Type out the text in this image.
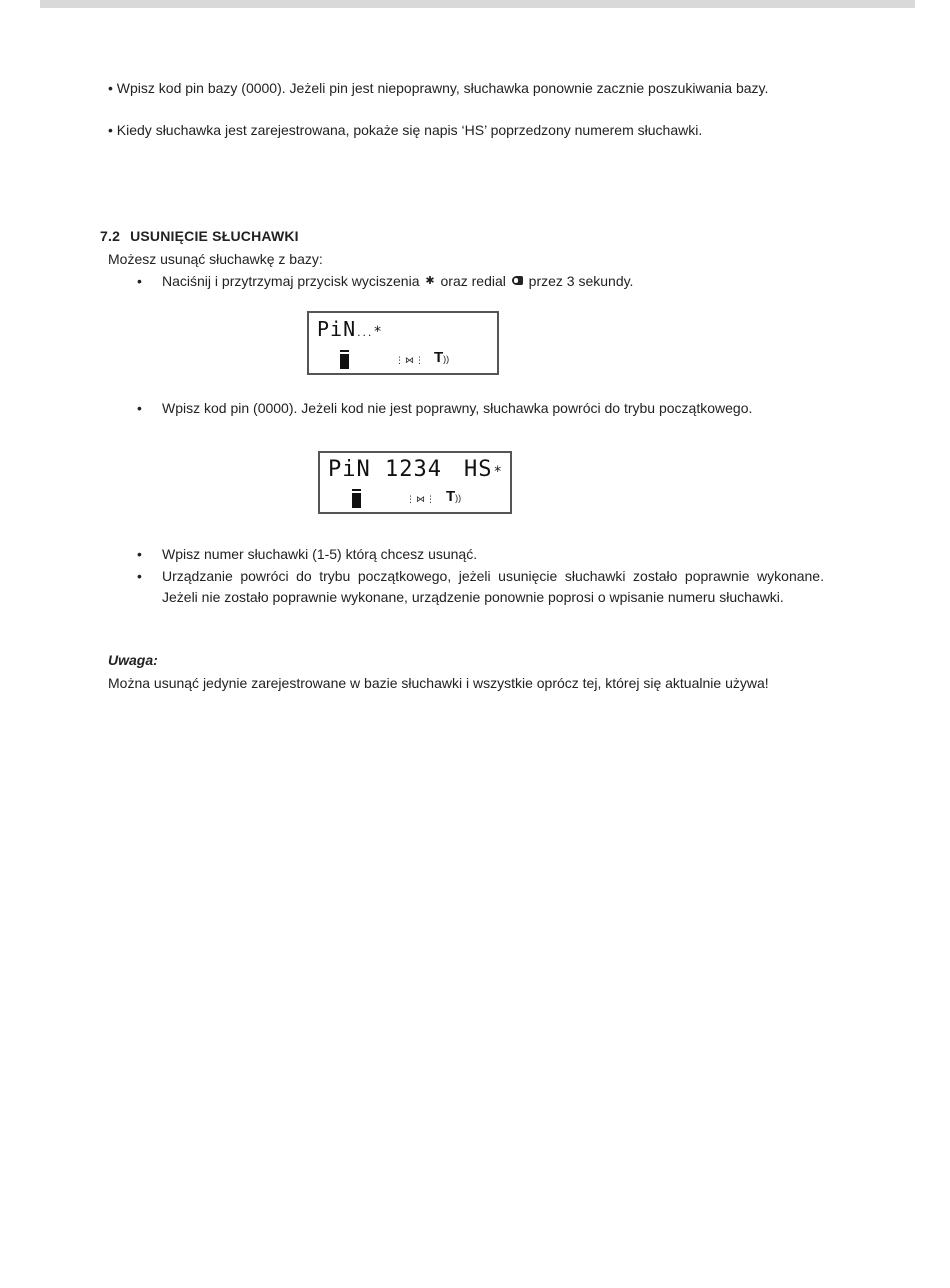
• Wpisz kod pin bazy (0000). Jeżeli pin jest niepoprawny, słuchawka ponownie zacznie poszukiwania bazy.
• Kiedy słuchawka jest zarejestrowana, pokaże się napis ‘HS’ poprzedzony numerem słuchawki.
7.2 USUNIĘCIE SŁUCHAWKI
Możesz usunąć słuchawkę z bazy:
• Naciśnij i przytrzymaj przycisk wyciszenia ✱ oraz redial przez 3 sekundy.
PiN...*
⋮⋈⋮ T))
• Wpisz kod pin (0000). Jeżeli kod nie jest poprawny, słuchawka powróci do trybu początkowego.
PiN 1234 HS*
⋮⋈⋮ T))
• Wpisz numer słuchawki (1-5) którą chcesz usunąć.
• Urządzanie powróci do trybu początkowego, jeżeli usunięcie słuchawki zostało poprawnie wykonane. Jeżeli nie zostało poprawnie wykonane, urządzenie ponownie poprosi o wpisanie numeru słuchawki.
Uwaga:
Można usunąć jedynie zarejestrowane w bazie słuchawki i wszystkie oprócz tej, której się aktualnie używa!
